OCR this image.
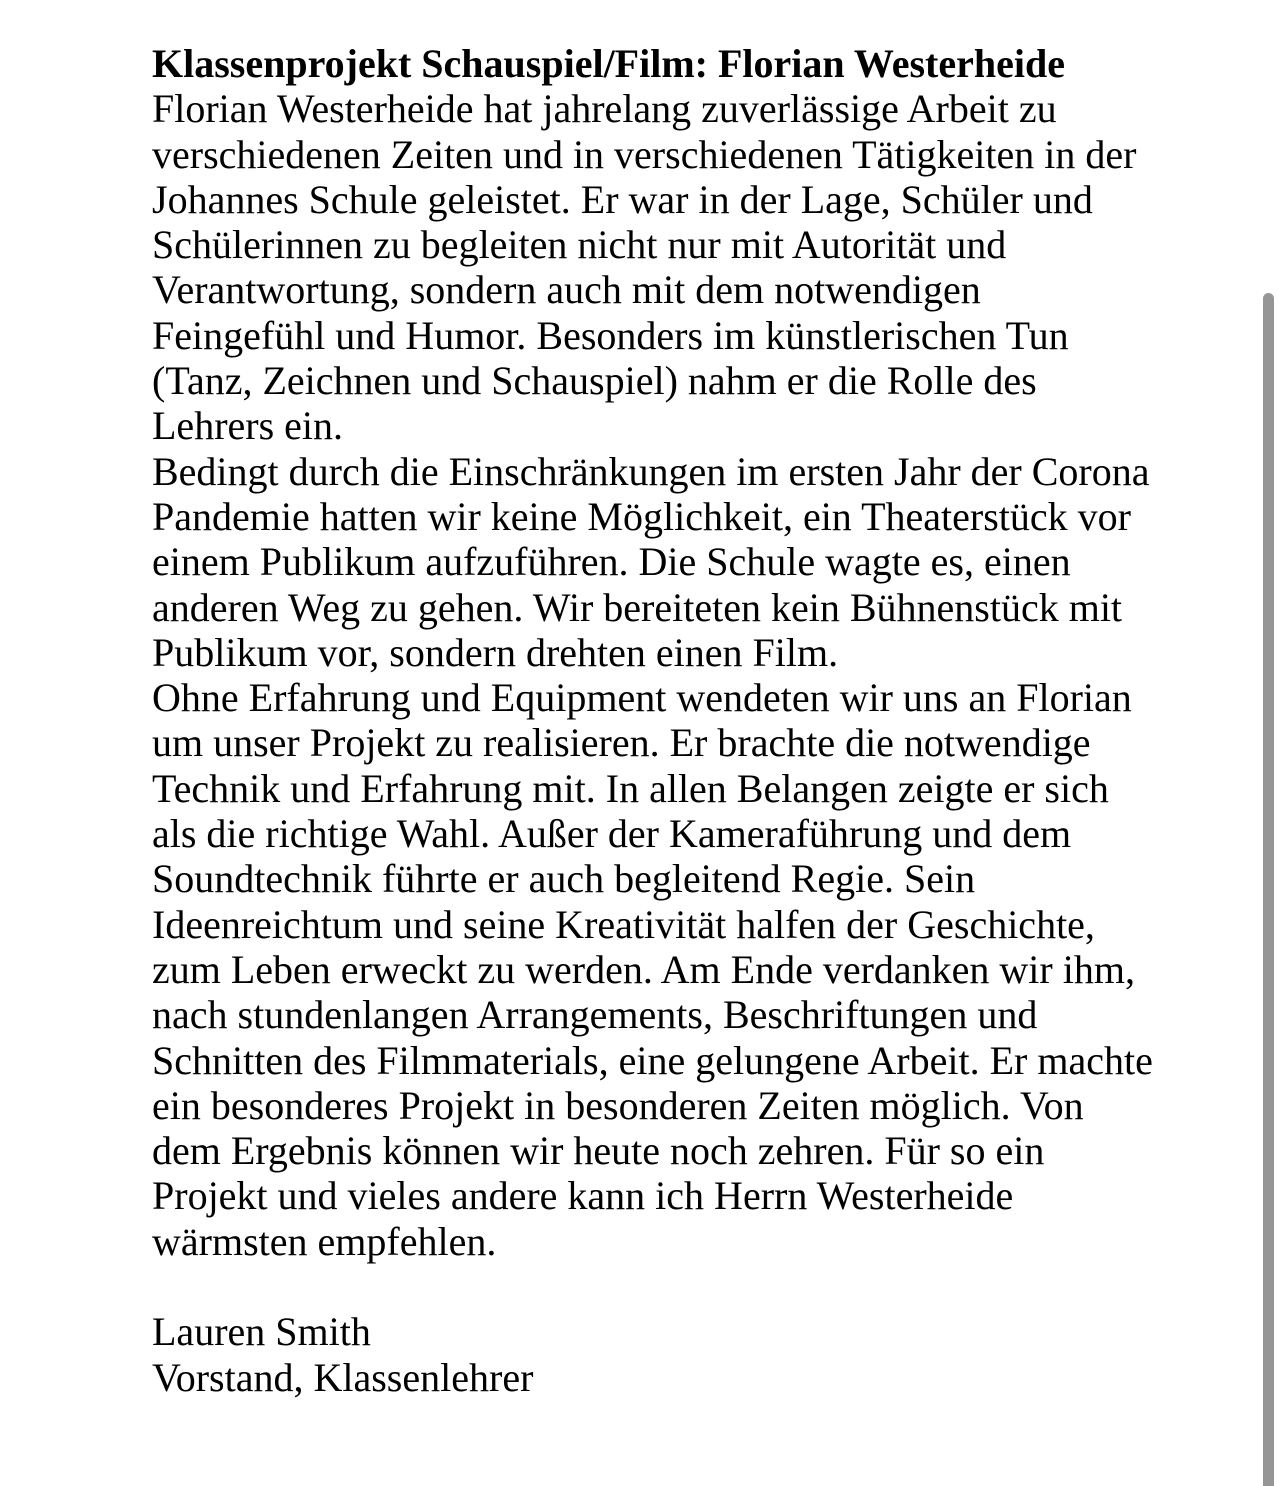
Klassenprojekt Schauspiel/Film: Florian Westerheide
Florian Westerheide hat jahrelang zuverlässige Arbeit zu
verschiedenen Zeiten und in verschiedenen Tätigkeiten in der
Johannes Schule geleistet. Er war in der Lage, Schüler und
Schülerinnen zu begleiten nicht nur mit Autorität und
Verantwortung, sondern auch mit dem notwendigen
Feingefühl und Humor. Besonders im künstlerischen Tun
(Tanz, Zeichnen und Schauspiel) nahm er die Rolle des
Lehrers ein.
Bedingt durch die Einschränkungen im ersten Jahr der Corona
Pandemie hatten wir keine Möglichkeit, ein Theaterstück vor
einem Publikum aufzuführen. Die Schule wagte es, einen
anderen Weg zu gehen. Wir bereiteten kein Bühnenstück mit
Publikum vor, sondern drehten einen Film.
Ohne Erfahrung und Equipment wendeten wir uns an Florian
um unser Projekt zu realisieren. Er brachte die notwendige
Technik und Erfahrung mit. In allen Belangen zeigte er sich
als die richtige Wahl. Außer der Kameraführung und dem
Soundtechnik führte er auch begleitend Regie. Sein
Ideenreichtum und seine Kreativität halfen der Geschichte,
zum Leben erweckt zu werden. Am Ende verdanken wir ihm,
nach stundenlangen Arrangements, Beschriftungen und
Schnitten des Filmmaterials, eine gelungene Arbeit. Er machte
ein besonderes Projekt in besonderen Zeiten möglich. Von
dem Ergebnis können wir heute noch zehren. Für so ein
Projekt und vieles andere kann ich Herrn Westerheide
wärmsten empfehlen.
Lauren Smith
Vorstand, Klassenlehrer
